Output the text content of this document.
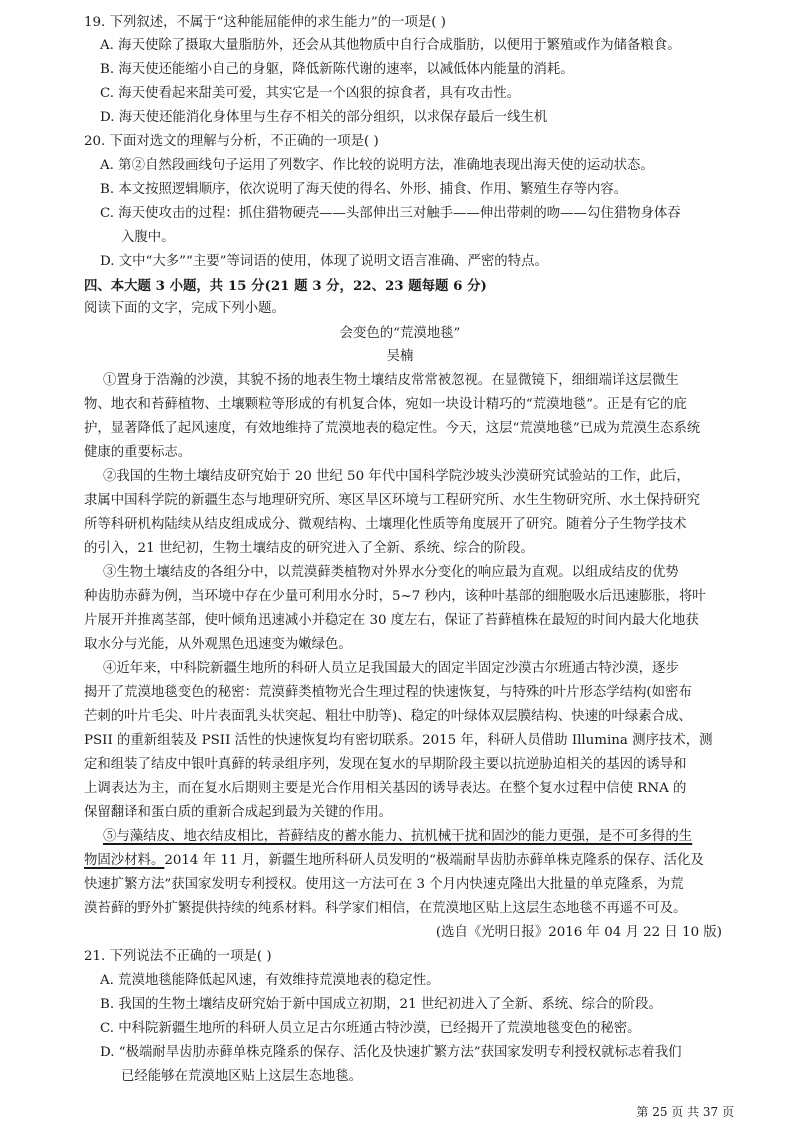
19. 下列叙述，不属于“这种能屈能伸的求生能力”的一项是( )
A. 海天使除了摄取大量脂肪外，还会从其他物质中自行合成脂肪，以便用于繁殖或作为储备粮食。
B. 海天使还能缩小自己的身躯，降低新陈代谢的速率，以减低体内能量的消耗。
C. 海天使看起来甜美可爱，其实它是一个凶狠的掠食者，具有攻击性。
D. 海天使还能消化身体里与生存不相关的部分组织，以求保存最后一线生机
20. 下面对选文的理解与分析，不正确的一项是( )
A. 第②自然段画线句子运用了列数字、作比较的说明方法，准确地表现出海天使的运动状态。
B. 本文按照逻辑顺序，依次说明了海天使的得名、外形、捕食、作用、繁殖生存等内容。
C. 海天使攻击的过程：抓住猎物硬壳——头部伸出三对触手——伸出带刺的吻——勾住猎物身体吞
入腹中。
D. 文中“大多”“主要”等词语的使用，体现了说明文语言准确、严密的特点。
四、本大题 3 小题，共 15 分(21 题 3 分，22、23 题每题 6 分)
阅读下面的文字，完成下列小题。
会变色的“荒漠地毯”
吴楠
①置身于浩瀚的沙漠，其貌不扬的地表生物土壤结皮常常被忽视。在显微镜下，细细端详这层微生
物、地衣和苔藓植物、土壤颗粒等形成的有机复合体，宛如一块设计精巧的“荒漠地毯”。正是有它的庇
护，显著降低了起风速度，有效地维持了荒漠地表的稳定性。今天，这层“荒漠地毯”已成为荒漠生态系统
健康的重要标志。
②我国的生物土壤结皮研究始于 20 世纪 50 年代中国科学院沙坡头沙漠研究试验站的工作，此后，
隶属中国科学院的新疆生态与地理研究所、寒区旱区环境与工程研究所、水生生物研究所、水土保持研究
所等科研机构陆续从结皮组成成分、微观结构、土壤理化性质等角度展开了研究。随着分子生物学技术
的引入，21 世纪初，生物土壤结皮的研究进入了全新、系统、综合的阶段。
③生物土壤结皮的各组分中，以荒漠藓类植物对外界水分变化的响应最为直观。以组成结皮的优势
种齿肋赤藓为例，当环境中存在少量可利用水分时，5~7 秒内，该种叶基部的细胞吸水后迅速膨胀，将叶
片展开并推离茎部，使叶倾角迅速减小并稳定在 30 度左右，保证了苔藓植株在最短的时间内最大化地获
取水分与光能，从外观黑色迅速变为嫩绿色。
④近年来，中科院新疆生地所的科研人员立足我国最大的固定半固定沙漠古尔班通古特沙漠，逐步
揭开了荒漠地毯变色的秘密：荒漠藓类植物光合生理过程的快速恢复，与特殊的叶片形态学结构(如密布
芒刺的叶片毛尖、叶片表面乳头状突起、粗壮中肋等)、稳定的叶绿体双层膜结构、快速的叶绿素合成、
PSII 的重新组装及 PSII 活性的快速恢复均有密切联系。2015 年，科研人员借助 Illumina 测序技术，测
定和组装了结皮中银叶真藓的转录组序列，发现在复水的早期阶段主要以抗逆胁迫相关的基因的诱导和
上调表达为主，而在复水后期则主要是光合作用相关基因的诱导表达。在整个复水过程中信使 RNA 的
保留翻译和蛋白质的重新合成起到最为关键的作用。
⑤与藻结皮、地衣结皮相比，苔藓结皮的蓄水能力、抗机械干扰和固沙的能力更强，是不可多得的生
物固沙材料。2014 年 11 月，新疆生地所科研人员发明的“极端耐旱齿肋赤藓单株克隆系的保存、活化及
快速扩繁方法”获国家发明专利授权。使用这一方法可在 3 个月内快速克隆出大批量的单克隆系，为荒
漠苔藓的野外扩繁提供持续的纯系材料。科学家们相信，在荒漠地区贴上这层生态地毯不再遥不可及。
(选自《光明日报》2016 年 04 月 22 日 10 版)
21. 下列说法不正确的一项是( )
A. 荒漠地毯能降低起风速，有效维持荒漠地表的稳定性。
B. 我国的生物土壤结皮研究始于新中国成立初期，21 世纪初进入了全新、系统、综合的阶段。
C. 中科院新疆生地所的科研人员立足古尔班通古特沙漠，已经揭开了荒漠地毯变色的秘密。
D. “极端耐旱齿肋赤藓单株克隆系的保存、活化及快速扩繁方法”获国家发明专利授权就标志着我们
已经能够在荒漠地区贴上这层生态地毯。
第 25 页 共 37 页
